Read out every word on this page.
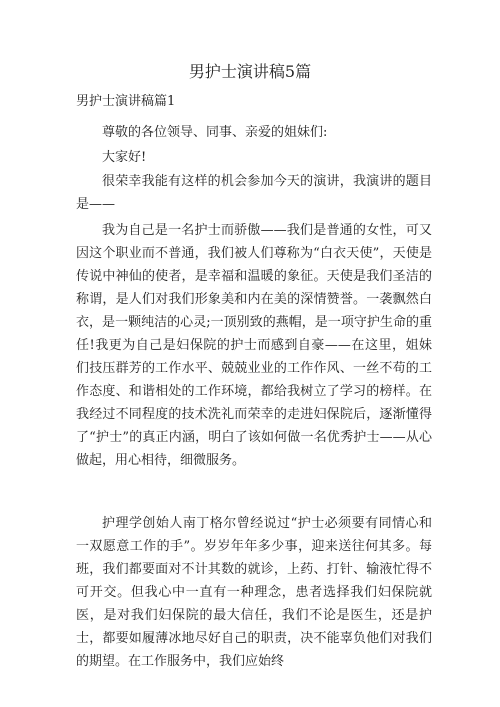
男护士演讲稿5篇

男护士演讲稿篇1

尊敬的各位领导、同事、亲爱的姐妹们:

大家好!

很荣幸我能有这样的机会参加今天的演讲，我演讲的题目是——

我为自己是一名护士而骄傲——我们是普通的女性，可又因这个职业而不普通，我们被人们尊称为“白衣天使”，天使是传说中神仙的使者，是幸福和温暖的象征。天使是我们圣洁的称谓，是人们对我们形象美和内在美的深情赞誉。一袭飘然白衣，是一颗纯洁的心灵;一顶别致的燕帽，是一项守护生命的重任!我更为自己是妇保院的护士而感到自豪——在这里，姐妹们技压群芳的工作水平、兢兢业业的工作作风、一丝不苟的工作态度、和谐相处的工作环境，都给我树立了学习的榜样。在我经过不同程度的技术洗礼而荣幸的走进妇保院后，逐渐懂得了“护士”的真正内涵，明白了该如何做一名优秀护士——从心做起，用心相待，细微服务。

护理学创始人南丁格尔曾经说过“护士必须要有同情心和一双愿意工作的手”。岁岁年年多少事，迎来送往何其多。每班，我们都要面对不计其数的就诊，上药、打针、输液忙得不可开交。但我心中一直有一种理念，患者选择我们妇保院就医，是对我们妇保院的最大信任，我们不论是医生，还是护士，都要如履薄冰地尽好自己的职责，决不能辜负他们对我们的期望。在工作服务中，我们应始终
